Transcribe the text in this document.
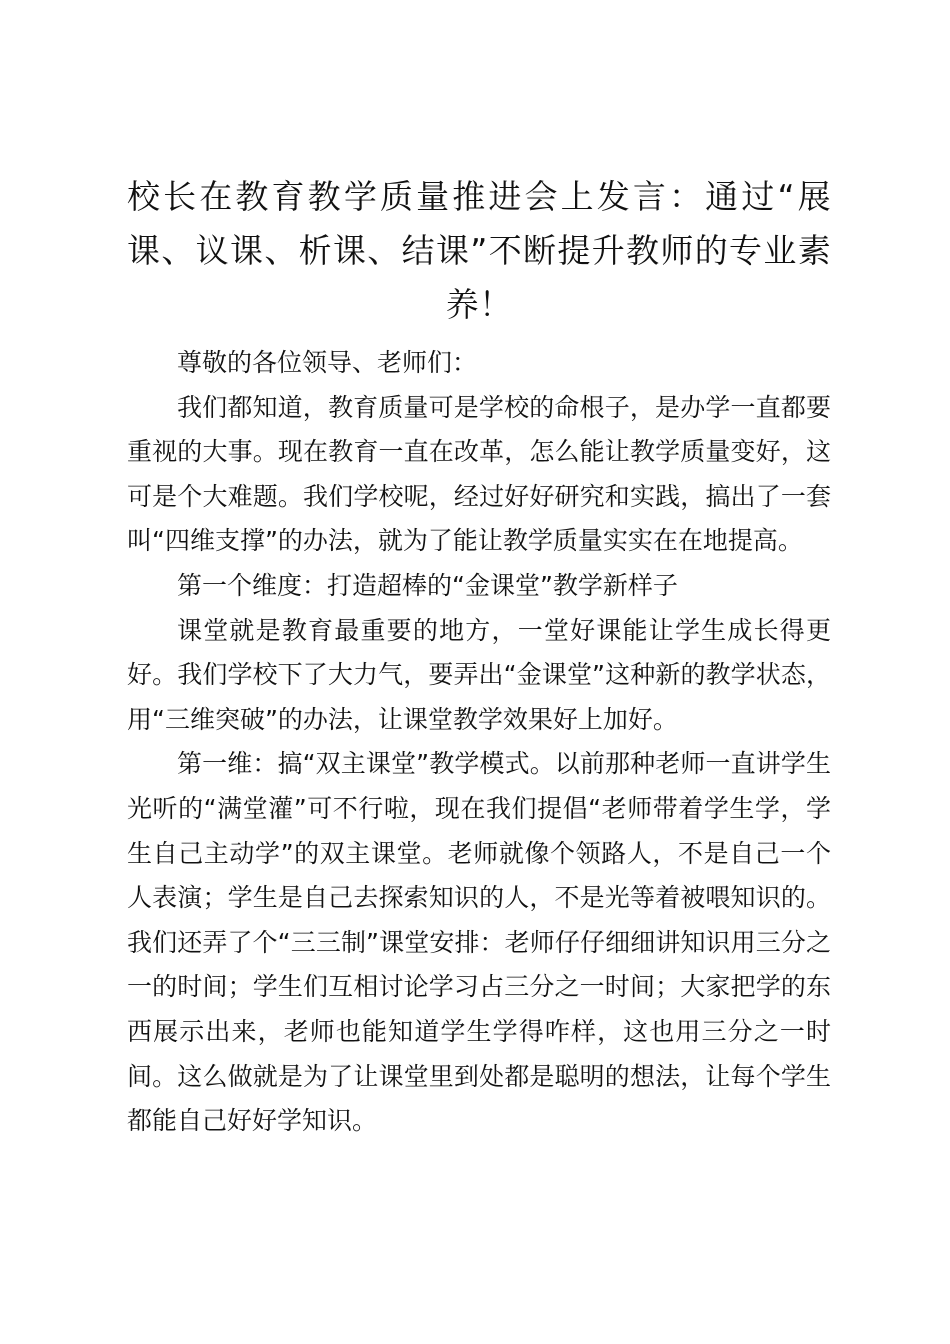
校长在教育教学质量推进会上发言：通过“展课、议课、析课、结课”不断提升教师的专业素养！

尊敬的各位领导、老师们：

我们都知道，教育质量可是学校的命根子，是办学一直都要重视的大事。现在教育一直在改革，怎么能让教学质量变好，这可是个大难题。我们学校呢，经过好好研究和实践，搞出了一套叫“四维支撑”的办法，就为了能让教学质量实实在在地提高。

第一个维度：打造超棒的“金课堂”教学新样子

课堂就是教育最重要的地方，一堂好课能让学生成长得更好。我们学校下了大力气，要弄出“金课堂”这种新的教学状态，用“三维突破”的办法，让课堂教学效果好上加好。

第一维：搞“双主课堂”教学模式。以前那种老师一直讲学生光听的“满堂灌”可不行啦，现在我们提倡“老师带着学生学，学生自己主动学”的双主课堂。老师就像个领路人，不是自己一个人表演；学生是自己去探索知识的人，不是光等着被喂知识的。我们还弄了个“三三制”课堂安排：老师仔仔细细讲知识用三分之一的时间；学生们互相讨论学习占三分之一时间；大家把学的东西展示出来，老师也能知道学生学得咋样，这也用三分之一时间。这么做就是为了让课堂里到处都是聪明的想法，让每个学生都能自己好好学知识。
